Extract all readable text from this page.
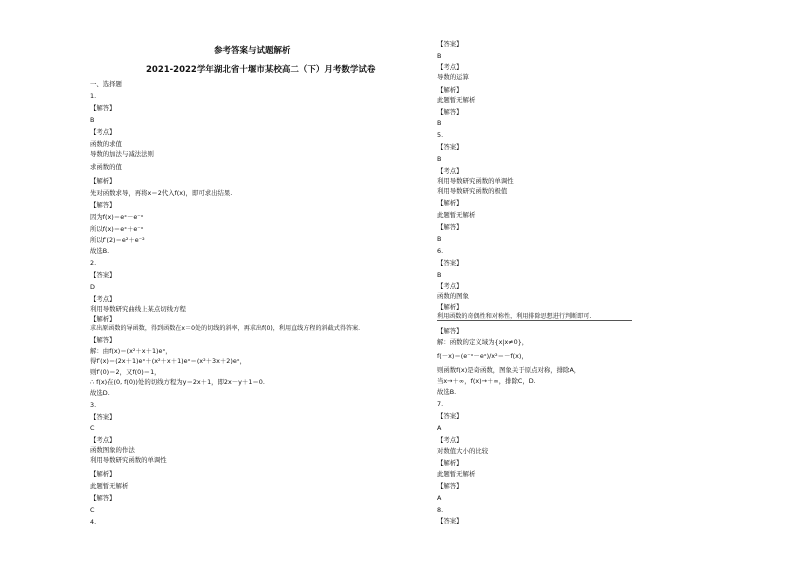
参考答案与试题解析
2021-2022学年湖北省十堰市某校高二（下）月考数学试卷
一、选择题
1.
【解答】
B
【考点】
函数的求值
导数的加法与减法法则
求函数的值
【解析】
先对函数求导，再将x＝2代入f(x)，即可求出结果.
【解答】
因为f(x)＝eˣ－e⁻ˣ
所以f(x)＝eˣ＋e⁻ˣ
所以f′(2)＝e²＋e⁻²
故选B.
2.
【答案】
D
【考点】
利用导数研究曲线上某点切线方程
【解析】
求出原函数的导函数，得到函数在x＝0处的切线的斜率，再求出f(0)，利用直线方程的斜截式得答案.
【解答】
解：由f(x)＝(x²＋x＋1)eˣ，
得f′(x)＝(2x＋1)eˣ＋(x²＋x＋1)eˣ＝(x²＋3x＋2)eˣ，
则f′(0)＝2，又f(0)＝1，
∴ f(x)在(0, f(0))处的切线方程为y＝2x＋1，即2x－y＋1＝0.
故选D.
3.
【答案】
C
【考点】
函数图象的作法
利用导数研究函数的单调性
【解析】
此题暂无解析
【解答】
C
4.
【答案】
B
【考点】
导数的运算
【解析】
此题暂无解析
【解答】
B
5.
【答案】
B
【考点】
利用导数研究函数的单调性
利用导数研究函数的极值
【解析】
此题暂无解析
【解答】
B
6.
【答案】
B
【考点】
函数的图象
【解析】
利用函数的奇偶性和对称性，利用排除思想进行判断即可.
【解答】
解：函数的定义域为{x|x≠0}，
f(－x)＝(e⁻ˣ－eˣ)/x²＝－f(x)，
则函数f(x)是奇函数，图象关于原点对称，排除A，
当x→＋∞，f(x)→＋∞，排除C，D.
故选B.
7.
【答案】
A
【考点】
对数值大小的比较
【解析】
此题暂无解析
【解答】
A
8.
【答案】
